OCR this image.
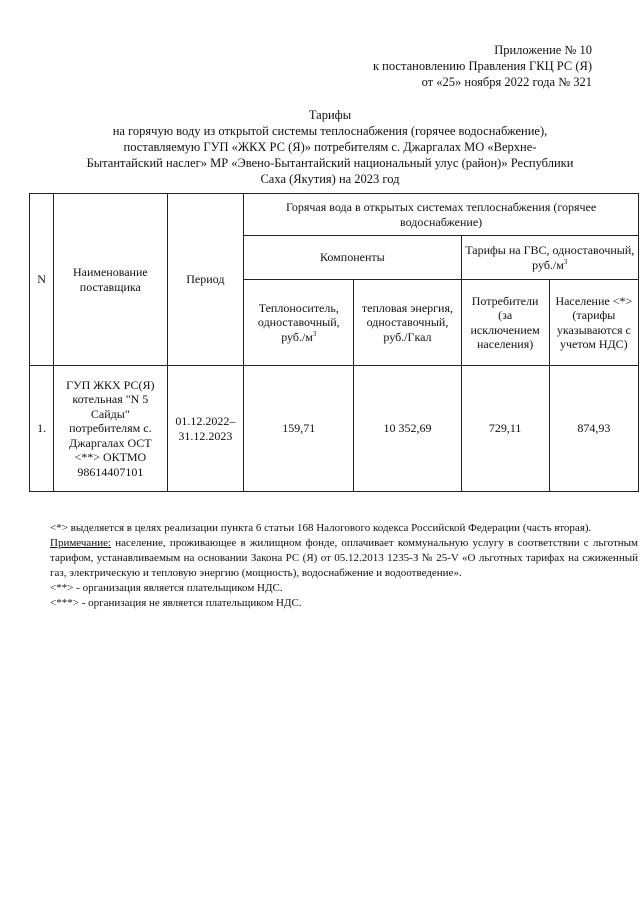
Приложение № 10
к постановлению Правления ГКЦ РС (Я)
от «25» ноября 2022 года № 321
Тарифы
на горячую воду из открытой системы теплоснабжения (горячее водоснабжение),
поставляемую ГУП «ЖКХ РС (Я)» потребителям с. Джаргалах МО «Верхне-
Бытантайский наслег» МР «Эвено-Бытантайский национальный улус (район)» Республики
Саха (Якутия) на 2023 год
N	Наименование поставщика	Период	Горячая вода в открытых системах теплоснабжения (горячее водоснабжение)			
			Компоненты		Тарифы на ГВС, одноставочный, $руб./м^3$
			Теплоноситель, одноставочный, $руб./м^3$	тепловая энергия, одноставочный, руб./Гкал	Потребители (за исключением населения)	Население <*> (тарифы указываются с учетом НДС)
1.	ГУП ЖКХ РС(Я) котельная "N 5 Сайды" потребителям с. Джаргалах ОСТ <**> ОКТМО 98614407101	01.12.2022–31.12.2023	159,71	10 352,69	729,11	874,93

<*> выделяется в целях реализации пункта 6 статьи 168 Налогового кодекса Российской Федерации (часть вторая).

Примечание: население, проживающее в жилищном фонде, оплачивает коммунальную услугу в соответствии с льготным тарифом, устанавливаемым на основании Закона РС (Я) от 05.12.2013 1235-З № 25-V «О льготных тарифах на сжиженный газ, электрическую и тепловую энергию (мощность), водоснабжение и водоотведение».

<**> - организация является плательщиком НДС.

<***> - организация не является плательщиком НДС.
